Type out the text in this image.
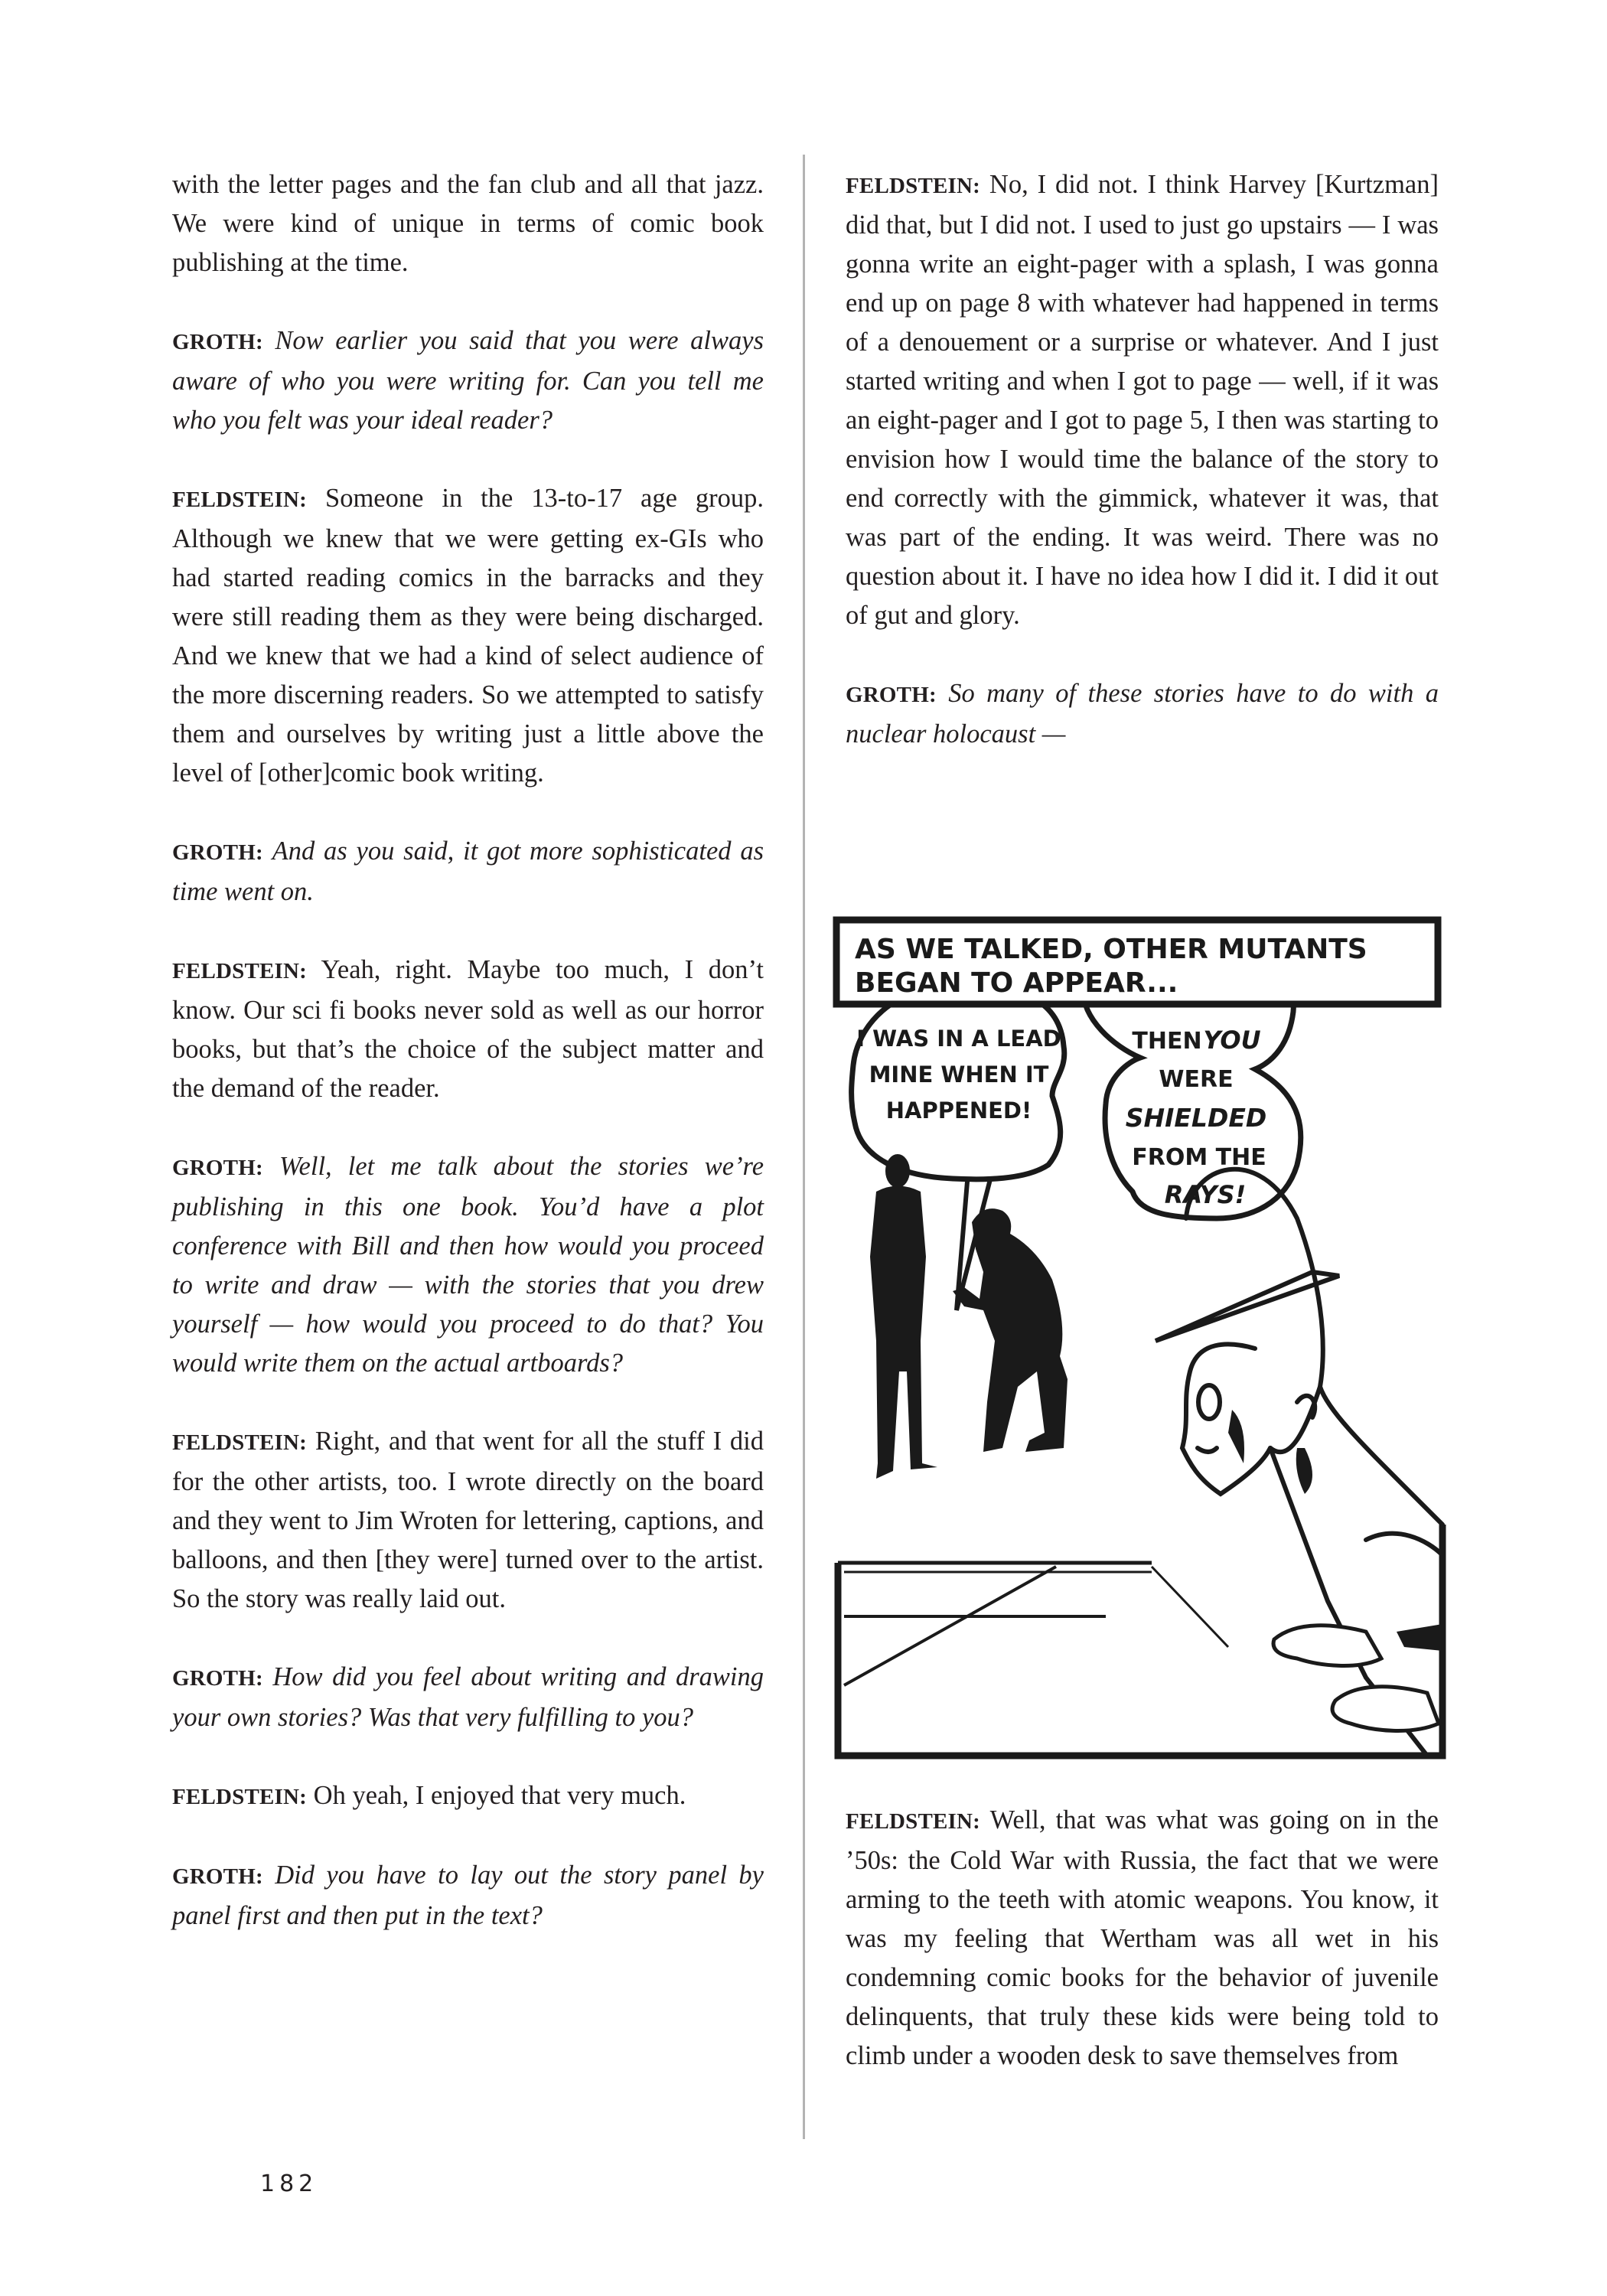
with the letter pages and the fan club and all that jazz. We were kind of unique in terms of comic book publishing at the time.

GROTH: Now earlier you said that you were always aware of who you were writing for. Can you tell me who you felt was your ideal reader?

FELDSTEIN: Someone in the 13-to-17 age group. Although we knew that we were getting ex-GIs who had started reading comics in the barracks and they were still reading them as they were being discharged. And we knew that we had a kind of select audience of the more discerning readers. So we attempted to satisfy them and ourselves by writing just a little above the level of [other]comic book writing.

GROTH: And as you said, it got more sophisticated as time went on.

FELDSTEIN: Yeah, right. Maybe too much, I don’t know. Our sci fi books never sold as well as our horror books, but that’s the choice of the subject matter and the demand of the reader.

GROTH: Well, let me talk about the stories we’re publishing in this one book. You’d have a plot conference with Bill and then how would you proceed to write and draw — with the stories that you drew yourself — how would you proceed to do that? You would write them on the actual artboards?

FELDSTEIN: Right, and that went for all the stuff I did for the other artists, too. I wrote directly on the board and they went to Jim Wroten for lettering, captions, and balloons, and then [they were] turned over to the artist. So the story was really laid out.

GROTH: How did you feel about writing and drawing your own stories? Was that very fulfilling to you?

FELDSTEIN: Oh yeah, I enjoyed that very much.

GROTH: Did you have to lay out the story panel by panel first and then put in the text?

FELDSTEIN: No, I did not. I think Harvey [Kurtzman] did that, but I did not. I used to just go upstairs — I was gonna write an eight-pager with a splash, I was gonna end up on page 8 with whatever had happened in terms of a denouement or a surprise or whatever. And I just started writing and when I got to page — well, if it was an eight-pager and I got to page 5, I then was starting to envision how I would time the balance of the story to end correctly with the gimmick, whatever it was, that was part of the ending. It was weird. There was no question about it. I have no idea how I did it. I did it out of gut and glory.

GROTH: So many of these stories have to do with a nuclear holocaust —

AS WE TALKED, OTHER MUTANTS
BEGAN TO APPEAR...
I WAS IN A LEAD
MINE WHEN IT
HAPPENED!
THEN YOU
WERE
SHIELDED
FROM THE
RAYS!

FELDSTEIN: Well, that was what was going on in the ’50s: the Cold War with Russia, the fact that we were arming to the teeth with atomic weapons. You know, it was my feeling that Wertham was all wet in his condemning comic books for the behavior of juvenile delinquents, that truly these kids were being told to climb under a wooden desk to save themselves from

182
